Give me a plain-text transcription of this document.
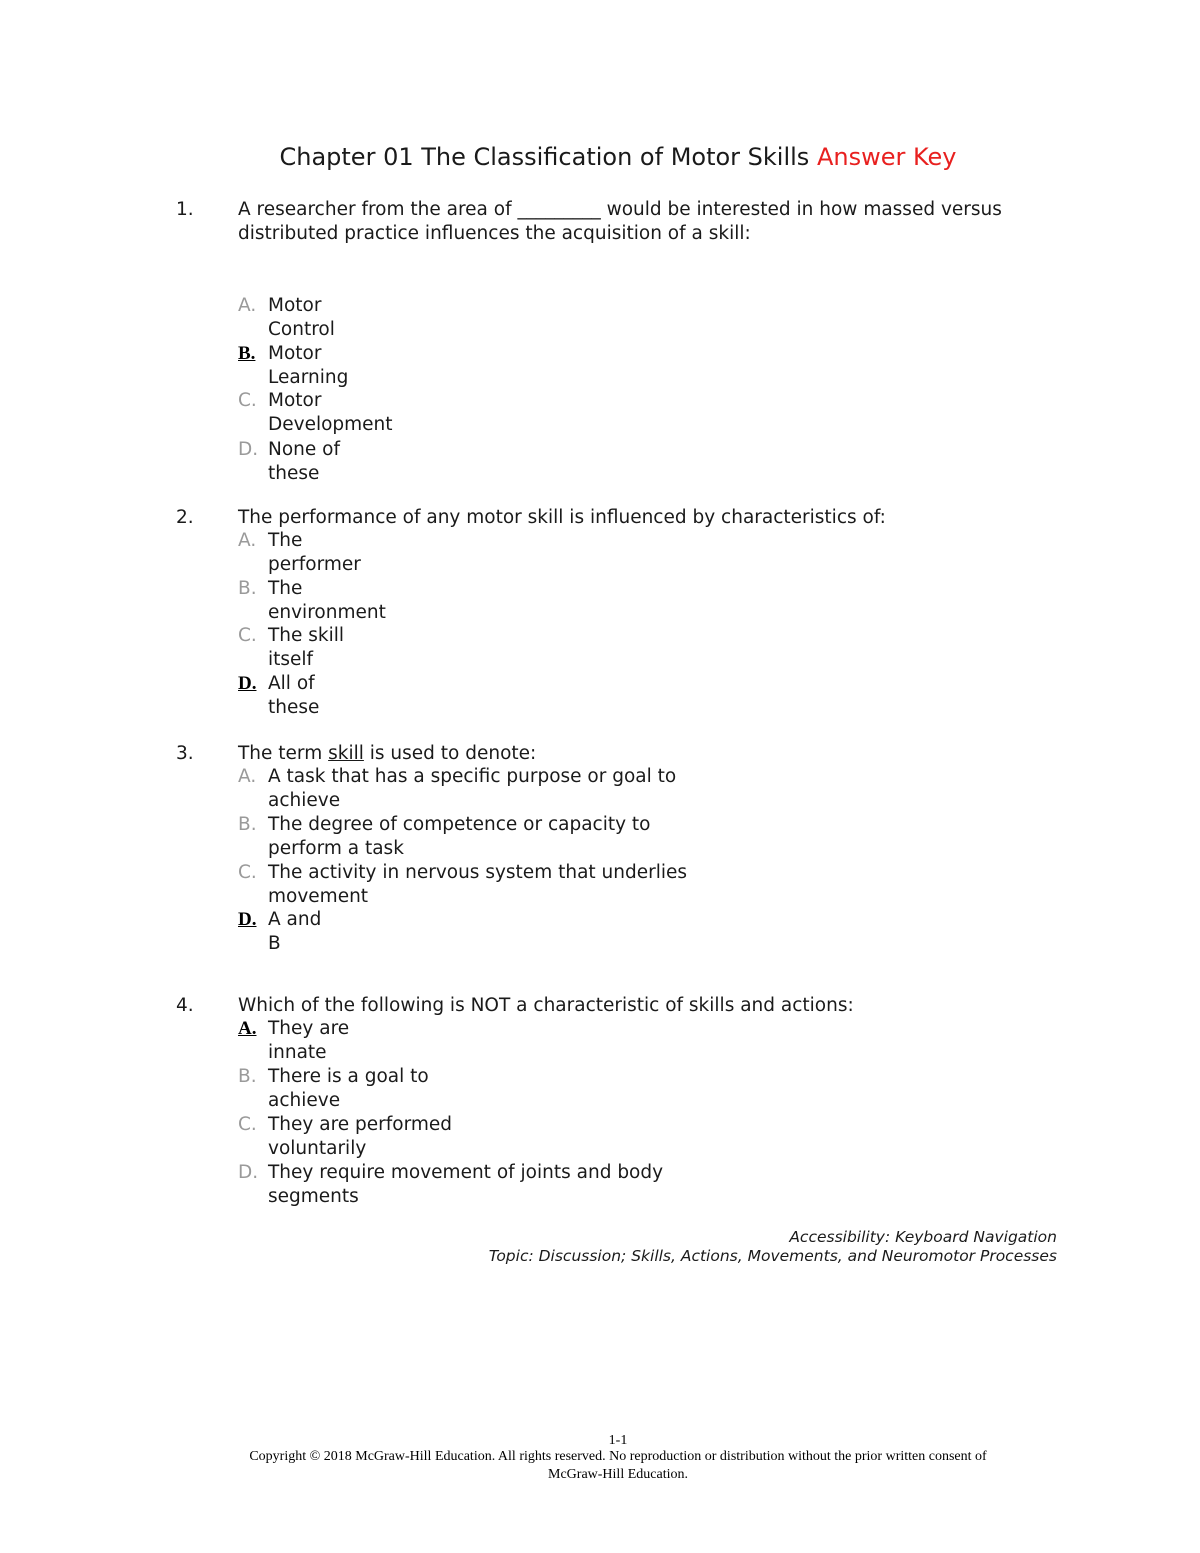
Chapter 01 The Classification of Motor Skills Answer Key
1. A researcher from the area of _________ would be interested in how massed versus distributed practice influences the acquisition of a skill:
A. Motor
Control
B. Motor
Learning
C. Motor
Development
D. None of
these
2. The performance of any motor skill is influenced by characteristics of:
A. The
performer
B. The
environment
C. The skill
itself
D. All of
these
3. The term skill is used to denote:
A. A task that has a specific purpose or goal to
achieve
B. The degree of competence or capacity to
perform a task
C. The activity in nervous system that underlies
movement
D. A and
B
4. Which of the following is NOT a characteristic of skills and actions:
A. They are
innate
B. There is a goal to
achieve
C. They are performed
voluntarily
D. They require movement of joints and body
segments
Accessibility: Keyboard Navigation
Topic: Discussion; Skills, Actions, Movements, and Neuromotor Processes
1-1
Copyright © 2018 McGraw-Hill Education. All rights reserved. No reproduction or distribution without the prior written consent of
McGraw-Hill Education.
